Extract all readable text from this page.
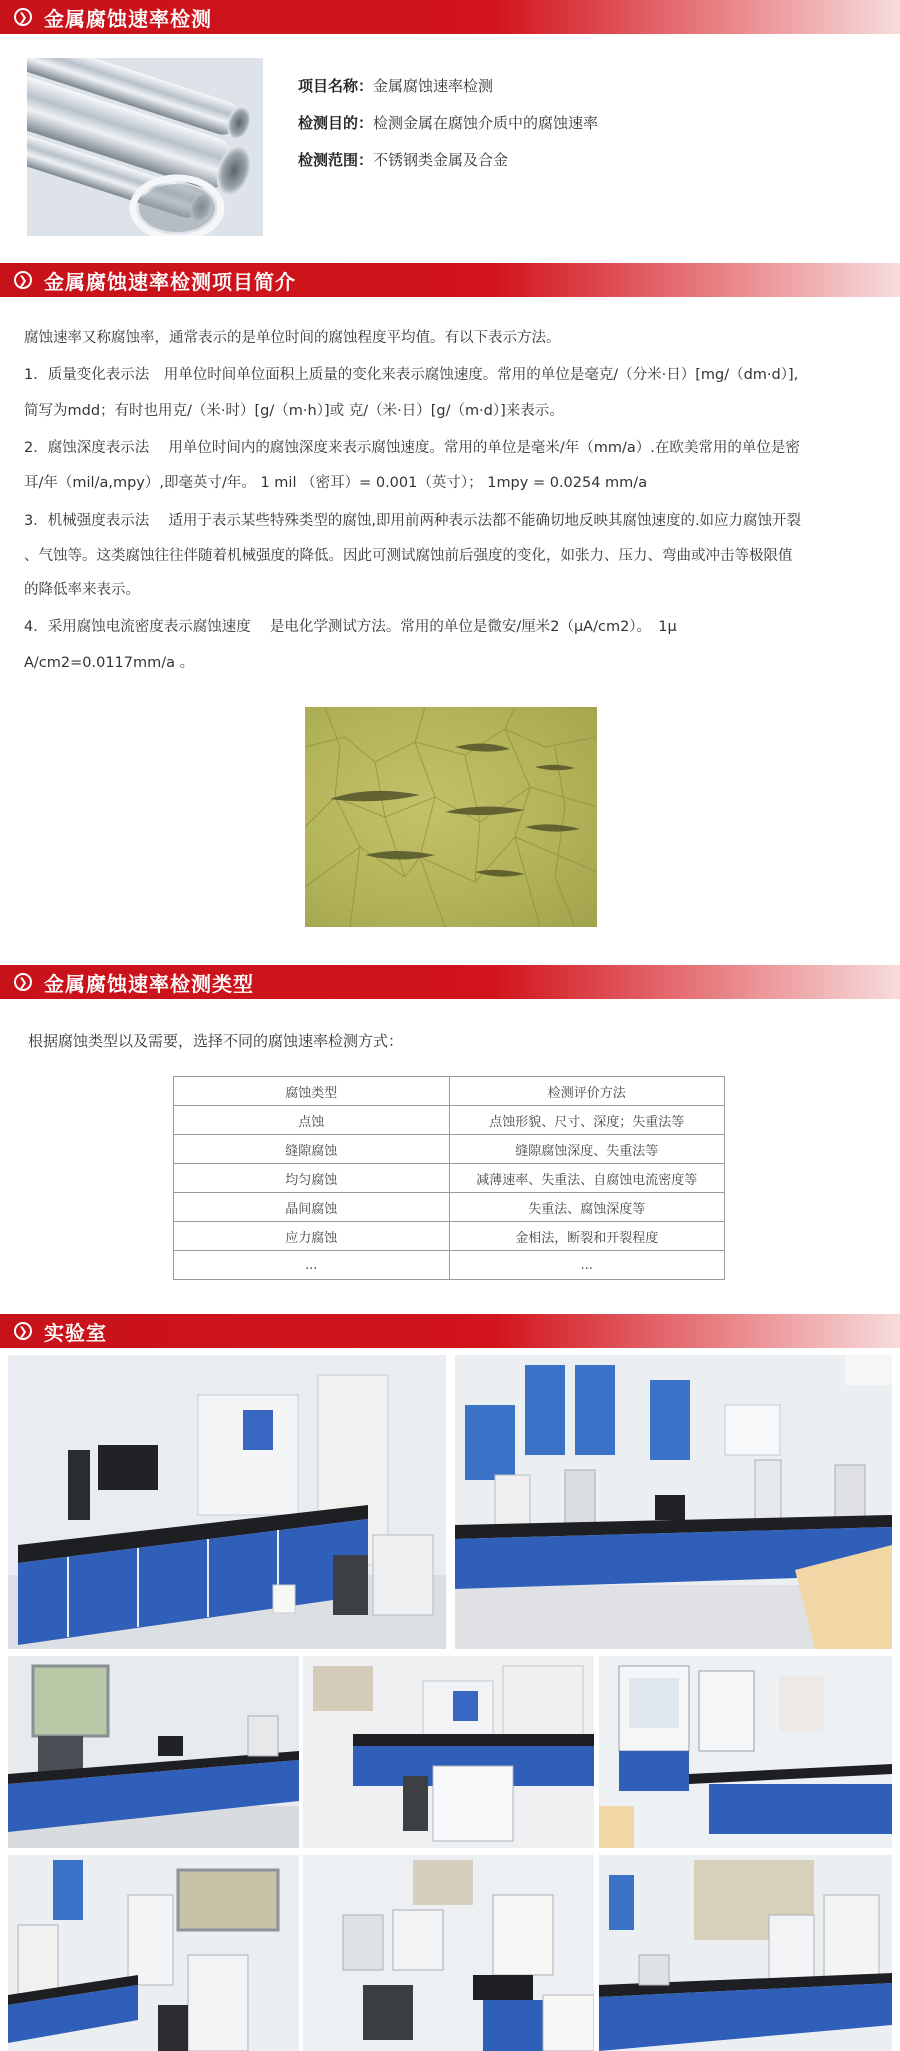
❯ 金属腐蚀速率检测
项目名称：金属腐蚀速率检测
检测目的：检测金属在腐蚀介质中的腐蚀速率
检测范围：不锈钢类金属及合金
❯ 金属腐蚀速率检测项目简介
腐蚀速率又称腐蚀率，通常表示的是单位时间的腐蚀程度平均值。有以下表示方法。
1．质量变化表示法　用单位时间单位面积上质量的变化来表示腐蚀速度。常用的单位是毫克/（分米·日）[mg/（dm·d）],
简写为mdd；有时也用克/（米·时）[g/（m·h）]或 克/（米·日）[g/（m·d）]来表示。
2．腐蚀深度表示法　 用单位时间内的腐蚀深度来表示腐蚀速度。常用的单位是毫米/年（mm/a）.在欧美常用的单位是密
耳/年（mil/a,mpy）,即毫英寸/年。 1 mil （密耳）= 0.001（英寸）； 1mpy = 0.0254 mm/a
3．机械强度表示法　 适用于表示某些特殊类型的腐蚀,即用前两种表示法都不能确切地反映其腐蚀速度的.如应力腐蚀开裂
、气蚀等。这类腐蚀往往伴随着机械强度的降低。因此可测试腐蚀前后强度的变化，如张力、压力、弯曲或冲击等极限值
的降低率来表示。
4．采用腐蚀电流密度表示腐蚀速度　 是电化学测试方法。常用的单位是微安/厘米2（μA/cm2）。　1μ
A/cm2=0.0117mm/a 。
❯ 金属腐蚀速率检测类型
根据腐蚀类型以及需要，选择不同的腐蚀速率检测方式：
腐蚀类型	检测评价方法
点蚀	点蚀形貌、尺寸、深度；失重法等
缝隙腐蚀	缝隙腐蚀深度、失重法等
均匀腐蚀	减薄速率、失重法、自腐蚀电流密度等
晶间腐蚀	失重法、腐蚀深度等
应力腐蚀	金相法，断裂和开裂程度
...	...
❯ 实验室
